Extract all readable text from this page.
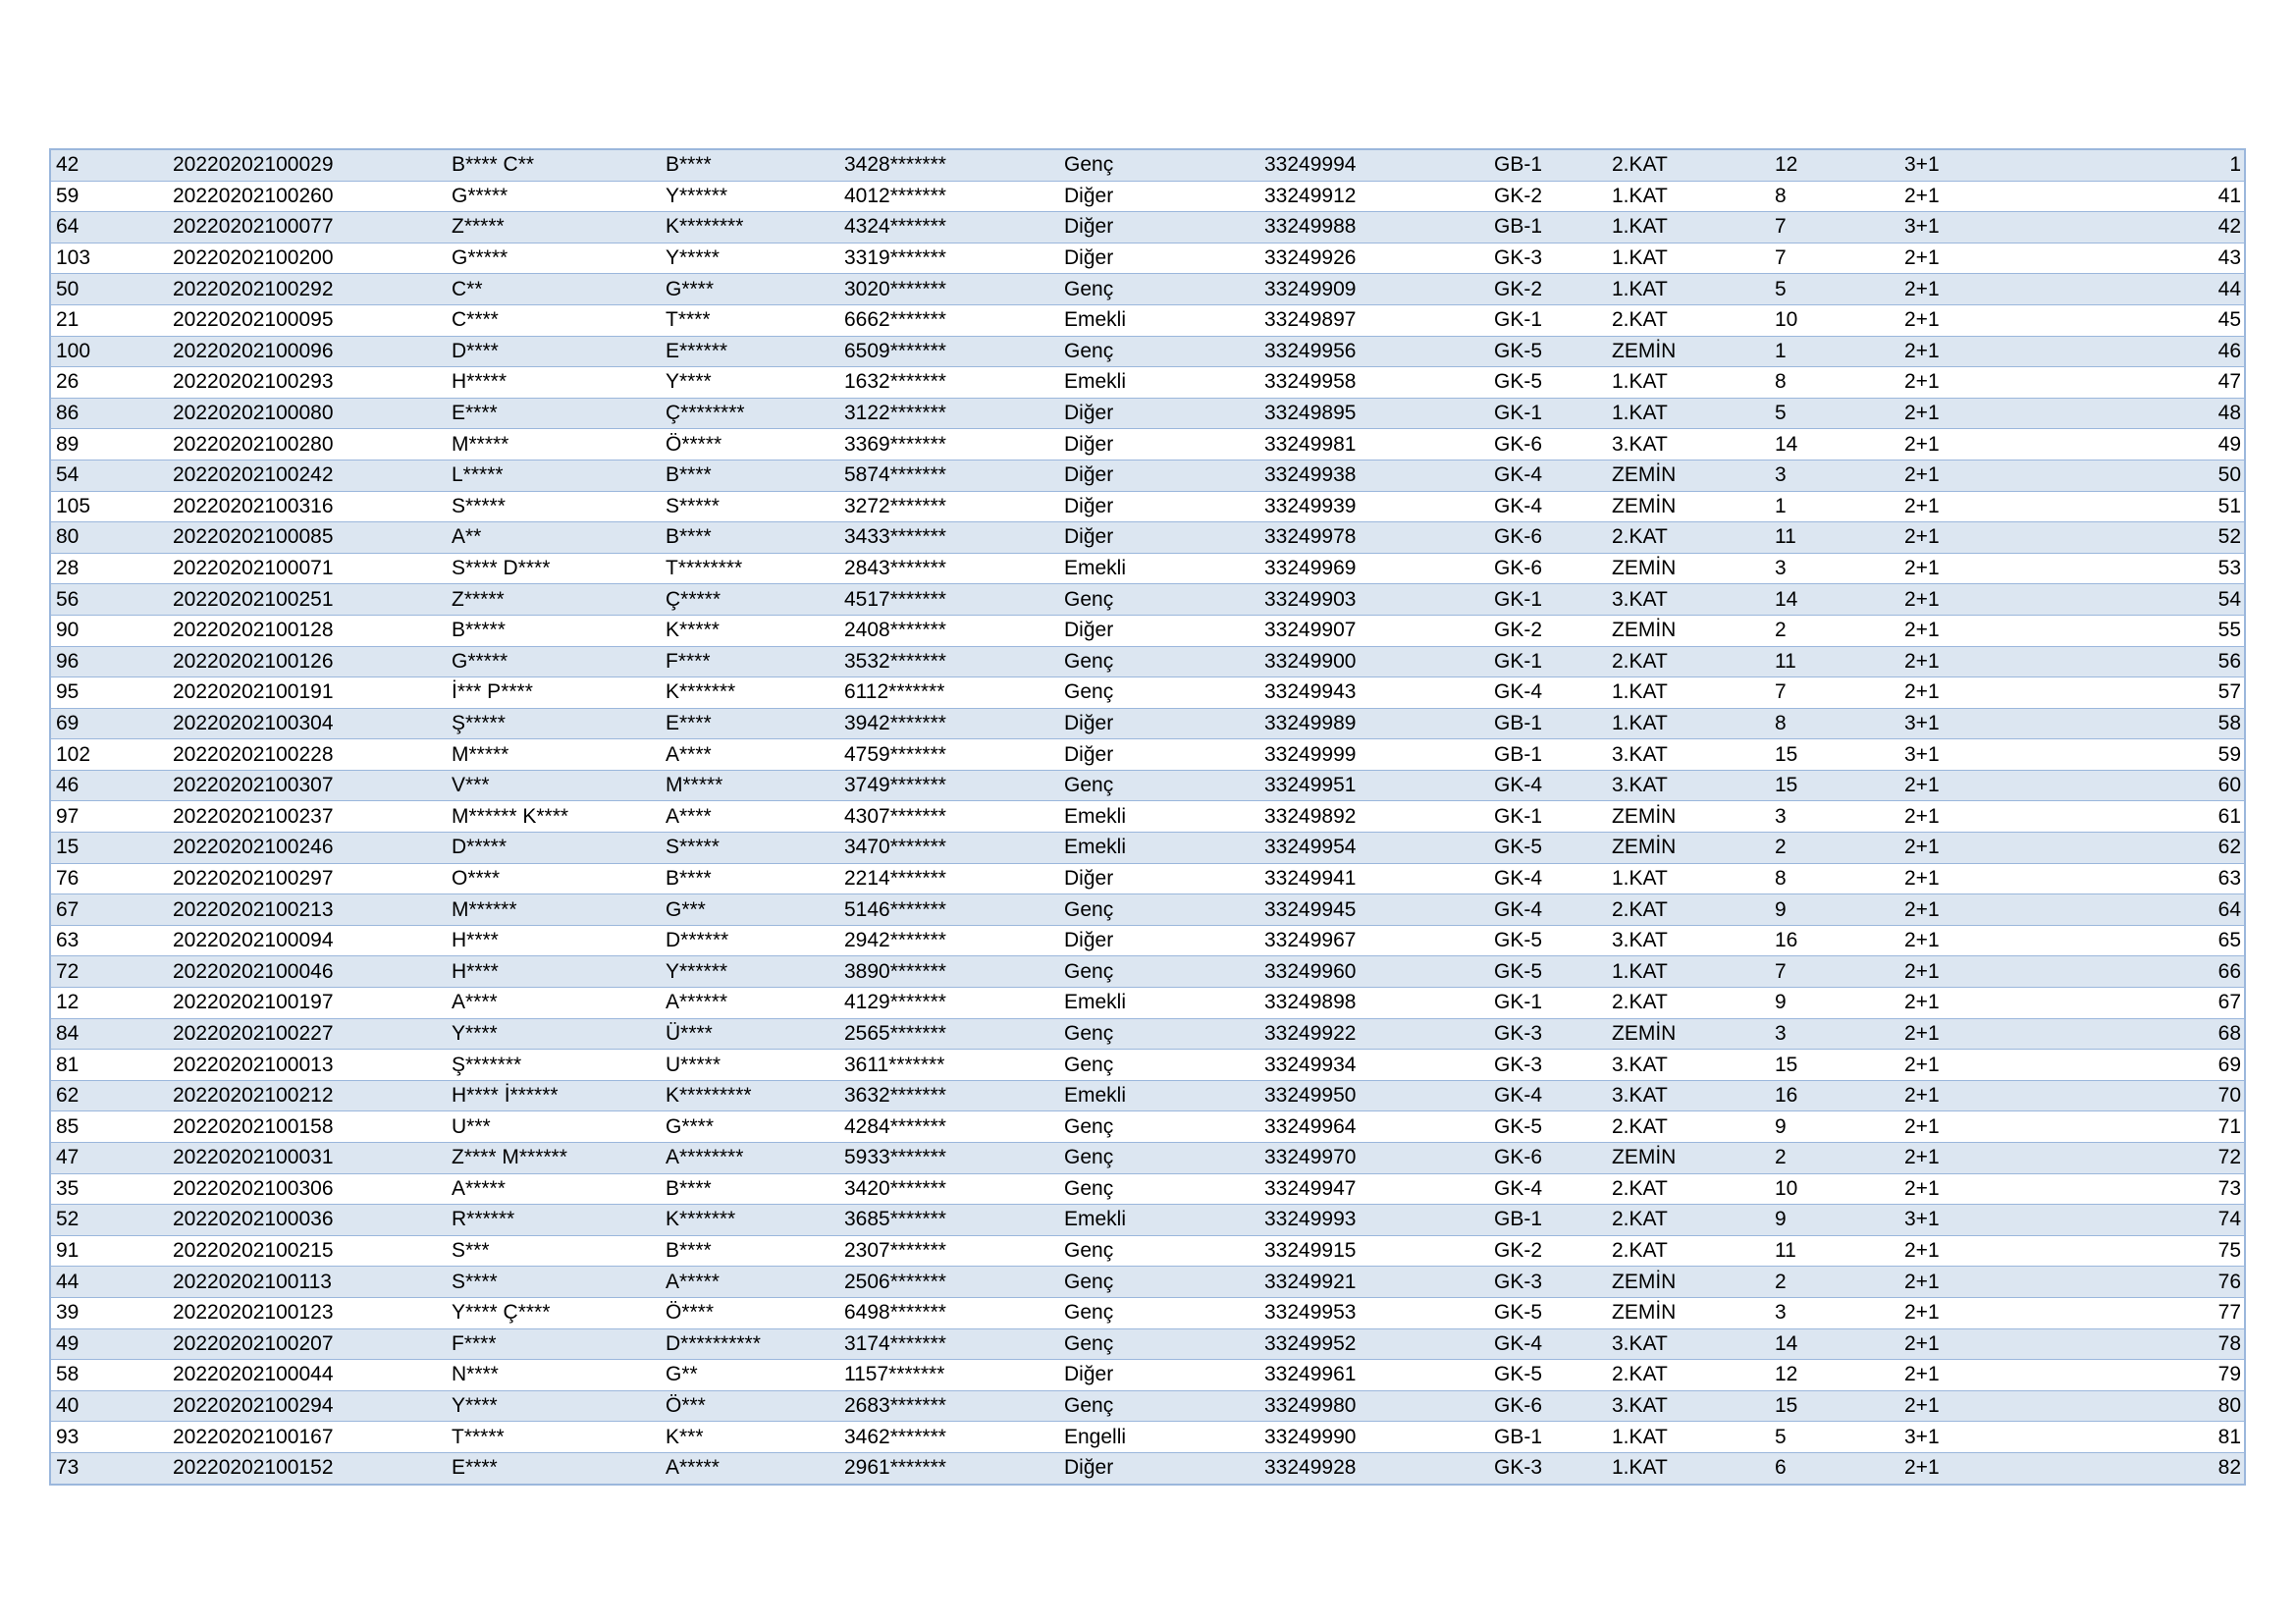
42	20220202100029	B**** C**	B****	3428*******	Genç	33249994	GB-1	2.KAT	12	3+1	1
59	20220202100260	G*****	Y******	4012*******	Diğer	33249912	GK-2	1.KAT	8	2+1	41
64	20220202100077	Z*****	K********	4324*******	Diğer	33249988	GB-1	1.KAT	7	3+1	42
103	20220202100200	G*****	Y*****	3319*******	Diğer	33249926	GK-3	1.KAT	7	2+1	43
50	20220202100292	C**	G****	3020*******	Genç	33249909	GK-2	1.KAT	5	2+1	44
21	20220202100095	C****	T****	6662*******	Emekli	33249897	GK-1	2.KAT	10	2+1	45
100	20220202100096	D****	E******	6509*******	Genç	33249956	GK-5	ZEMİN	1	2+1	46
26	20220202100293	H*****	Y****	1632*******	Emekli	33249958	GK-5	1.KAT	8	2+1	47
86	20220202100080	E****	Ç********	3122*******	Diğer	33249895	GK-1	1.KAT	5	2+1	48
89	20220202100280	M*****	Ö*****	3369*******	Diğer	33249981	GK-6	3.KAT	14	2+1	49
54	20220202100242	L*****	B****	5874*******	Diğer	33249938	GK-4	ZEMİN	3	2+1	50
105	20220202100316	S*****	S*****	3272*******	Diğer	33249939	GK-4	ZEMİN	1	2+1	51
80	20220202100085	A**	B****	3433*******	Diğer	33249978	GK-6	2.KAT	11	2+1	52
28	20220202100071	S**** D****	T********	2843*******	Emekli	33249969	GK-6	ZEMİN	3	2+1	53
56	20220202100251	Z*****	Ç*****	4517*******	Genç	33249903	GK-1	3.KAT	14	2+1	54
90	20220202100128	B*****	K*****	2408*******	Diğer	33249907	GK-2	ZEMİN	2	2+1	55
96	20220202100126	G*****	F****	3532*******	Genç	33249900	GK-1	2.KAT	11	2+1	56
95	20220202100191	İ*** P****	K*******	6112*******	Genç	33249943	GK-4	1.KAT	7	2+1	57
69	20220202100304	Ş*****	E****	3942*******	Diğer	33249989	GB-1	1.KAT	8	3+1	58
102	20220202100228	M*****	A****	4759*******	Diğer	33249999	GB-1	3.KAT	15	3+1	59
46	20220202100307	V***	M*****	3749*******	Genç	33249951	GK-4	3.KAT	15	2+1	60
97	20220202100237	M****** K****	A****	4307*******	Emekli	33249892	GK-1	ZEMİN	3	2+1	61
15	20220202100246	D*****	S*****	3470*******	Emekli	33249954	GK-5	ZEMİN	2	2+1	62
76	20220202100297	O****	B****	2214*******	Diğer	33249941	GK-4	1.KAT	8	2+1	63
67	20220202100213	M******	G***	5146*******	Genç	33249945	GK-4	2.KAT	9	2+1	64
63	20220202100094	H****	D******	2942*******	Diğer	33249967	GK-5	3.KAT	16	2+1	65
72	20220202100046	H****	Y******	3890*******	Genç	33249960	GK-5	1.KAT	7	2+1	66
12	20220202100197	A****	A******	4129*******	Emekli	33249898	GK-1	2.KAT	9	2+1	67
84	20220202100227	Y****	Ü****	2565*******	Genç	33249922	GK-3	ZEMİN	3	2+1	68
81	20220202100013	Ş*******	U*****	3611*******	Genç	33249934	GK-3	3.KAT	15	2+1	69
62	20220202100212	H**** İ******	K*********	3632*******	Emekli	33249950	GK-4	3.KAT	16	2+1	70
85	20220202100158	U***	G****	4284*******	Genç	33249964	GK-5	2.KAT	9	2+1	71
47	20220202100031	Z**** M******	A********	5933*******	Genç	33249970	GK-6	ZEMİN	2	2+1	72
35	20220202100306	A*****	B****	3420*******	Genç	33249947	GK-4	2.KAT	10	2+1	73
52	20220202100036	R******	K*******	3685*******	Emekli	33249993	GB-1	2.KAT	9	3+1	74
91	20220202100215	S***	B****	2307*******	Genç	33249915	GK-2	2.KAT	11	2+1	75
44	20220202100113	S****	A*****	2506*******	Genç	33249921	GK-3	ZEMİN	2	2+1	76
39	20220202100123	Y**** Ç****	Ö****	6498*******	Genç	33249953	GK-5	ZEMİN	3	2+1	77
49	20220202100207	F****	D**********	3174*******	Genç	33249952	GK-4	3.KAT	14	2+1	78
58	20220202100044	N****	G**	1157*******	Diğer	33249961	GK-5	2.KAT	12	2+1	79
40	20220202100294	Y****	Ö***	2683*******	Genç	33249980	GK-6	3.KAT	15	2+1	80
93	20220202100167	T*****	K***	3462*******	Engelli	33249990	GB-1	1.KAT	5	3+1	81
73	20220202100152	E****	A*****	2961*******	Diğer	33249928	GK-3	1.KAT	6	2+1	82
